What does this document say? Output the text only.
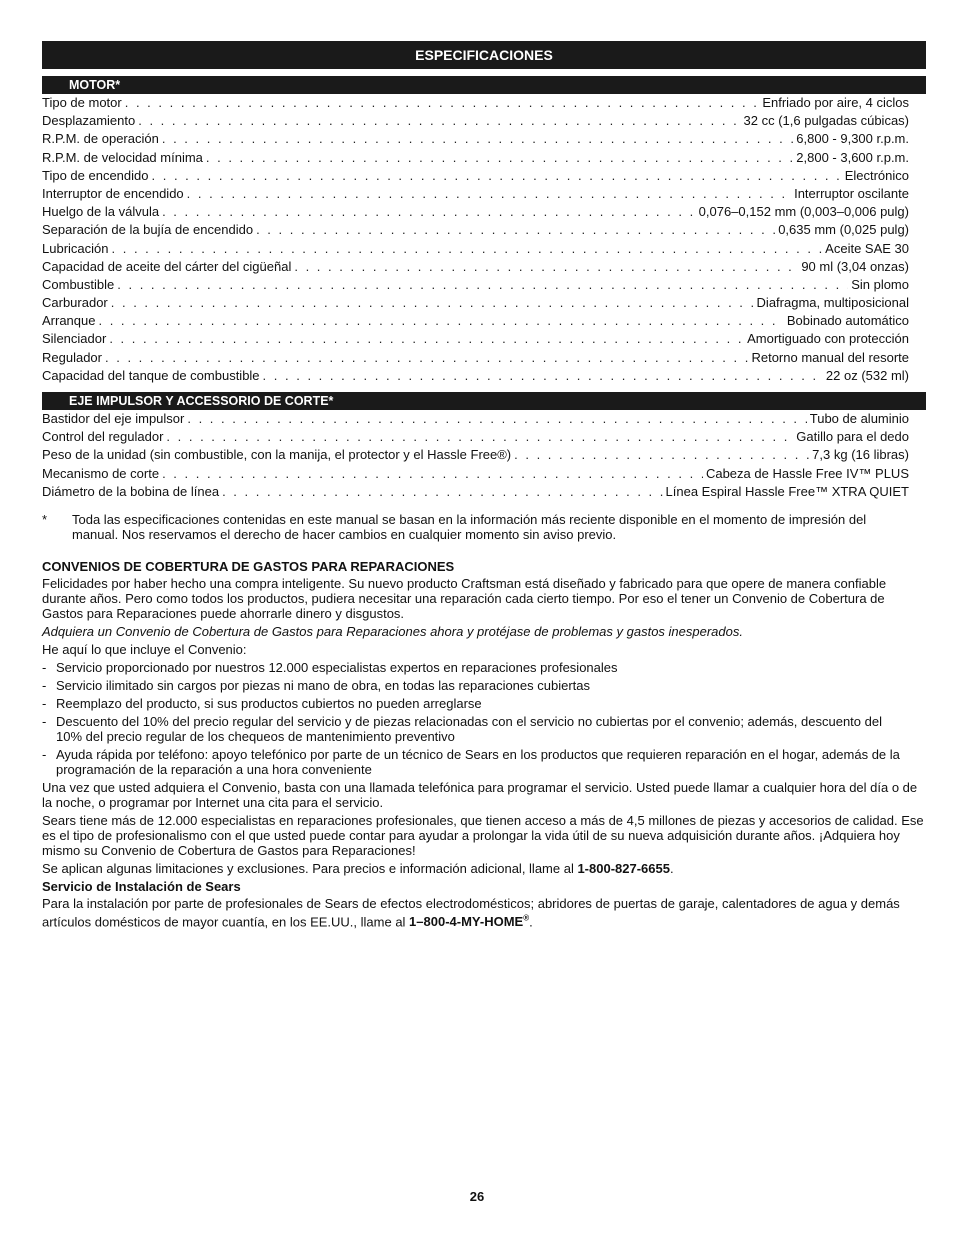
ESPECIFICACIONES
MOTOR*
Tipo de motor . . .	Enfriado por aire, 4 ciclos
Desplazamiento . . .	32 cc (1,6 pulgadas cúbicas)
R.P.M. de operación . . .	6,800 - 9,300 r.p.m.
R.P.M. de velocidad mínima . . .	2,800 - 3,600 r.p.m.
Tipo de encendido . . .	Electrónico
Interruptor de encendido . . .	Interruptor oscilante
Huelgo de la válvula . . .	0,076–0,152 mm (0,003–0,006 pulg)
Separación de la bujía de encendido . . .	0,635 mm (0,025 pulg)
Lubricación . . .	Aceite SAE 30
Capacidad de aceite del cárter del cigüeñal . . .	90 ml (3,04 onzas)
Combustible . . .	Sin plomo
Carburador . . .	Diafragma, multiposicional
Arranque . . .	Bobinado automático
Silenciador . . .	Amortiguado con protección
Regulador . . .	Retorno manual del resorte
Capacidad del tanque de combustible . . .	22 oz (532 ml)
EJE IMPULSOR Y ACCESSORIO DE CORTE*
Bastidor del eje impulsor . . .	Tubo de aluminio
Control del regulador . . .	Gatillo para el dedo
Peso de la unidad (sin combustible, con la manija, el protector y el Hassle Free®) . . .	7,3 kg (16 libras)
Mecanismo de corte . . .	Cabeza de Hassle Free IV™ PLUS
Diámetro de la bobina de línea . . .	Línea Espiral Hassle Free™ XTRA QUIET
*	Toda las especificaciones contenidas en este manual se basan en la información más reciente disponible en el momento de impresión del manual. Nos reservamos el derecho de hacer cambios en cualquier momento sin aviso previo.
CONVENIOS DE COBERTURA DE GASTOS PARA REPARACIONES

Felicidades por haber hecho una compra inteligente. Su nuevo producto Craftsman está diseñado y fabricado para que opere de manera confiable durante años. Pero como todos los productos, pudiera necesitar una reparación cada cierto tiempo. Por eso el tener un Convenio de Cobertura de Gastos para Reparaciones puede ahorrarle dinero y disgustos.

Adquiera un Convenio de Cobertura de Gastos para Reparaciones ahora y protéjase de problemas y gastos inesperados.

He aquí lo que incluye el Convenio:

- Servicio proporcionado por nuestros 12.000 especialistas expertos en reparaciones profesionales
- Servicio ilimitado sin cargos por piezas ni mano de obra, en todas las reparaciones cubiertas
- Reemplazo del producto, si sus productos cubiertos no pueden arreglarse
- Descuento del 10% del precio regular del servicio y de piezas relacionadas con el servicio no cubiertas por el convenio; además, descuento del 10% del precio regular de los chequeos de mantenimiento preventivo
- Ayuda rápida por teléfono: apoyo telefónico por parte de un técnico de Sears en los productos que requieren reparación en el hogar, además de la programación de la reparación a una hora conveniente

Una vez que usted adquiera el Convenio, basta con una llamada telefónica para programar el servicio. Usted puede llamar a cualquier hora del día o de la noche, o programar por Internet una cita para el servicio.

Sears tiene más de 12.000 especialistas en reparaciones profesionales, que tienen acceso a más de 4,5 millones de piezas y accesorios de calidad. Ese es el tipo de profesionalismo con el que usted puede contar para ayudar a prolongar la vida útil de su nueva adquisición durante años. ¡Adquiera hoy mismo su Convenio de Cobertura de Gastos para Reparaciones!

Se aplican algunas limitaciones y exclusiones. Para precios e información adicional, llame al 1-800-827-6655.

Servicio de Instalación de Sears

Para la instalación por parte de profesionales de Sears de efectos electrodomésticos; abridores de puertas de garaje, calentadores de agua y demás artículos domésticos de mayor cuantía, en los EE.UU., llame al 1–800-4-MY-HOME®.

26
